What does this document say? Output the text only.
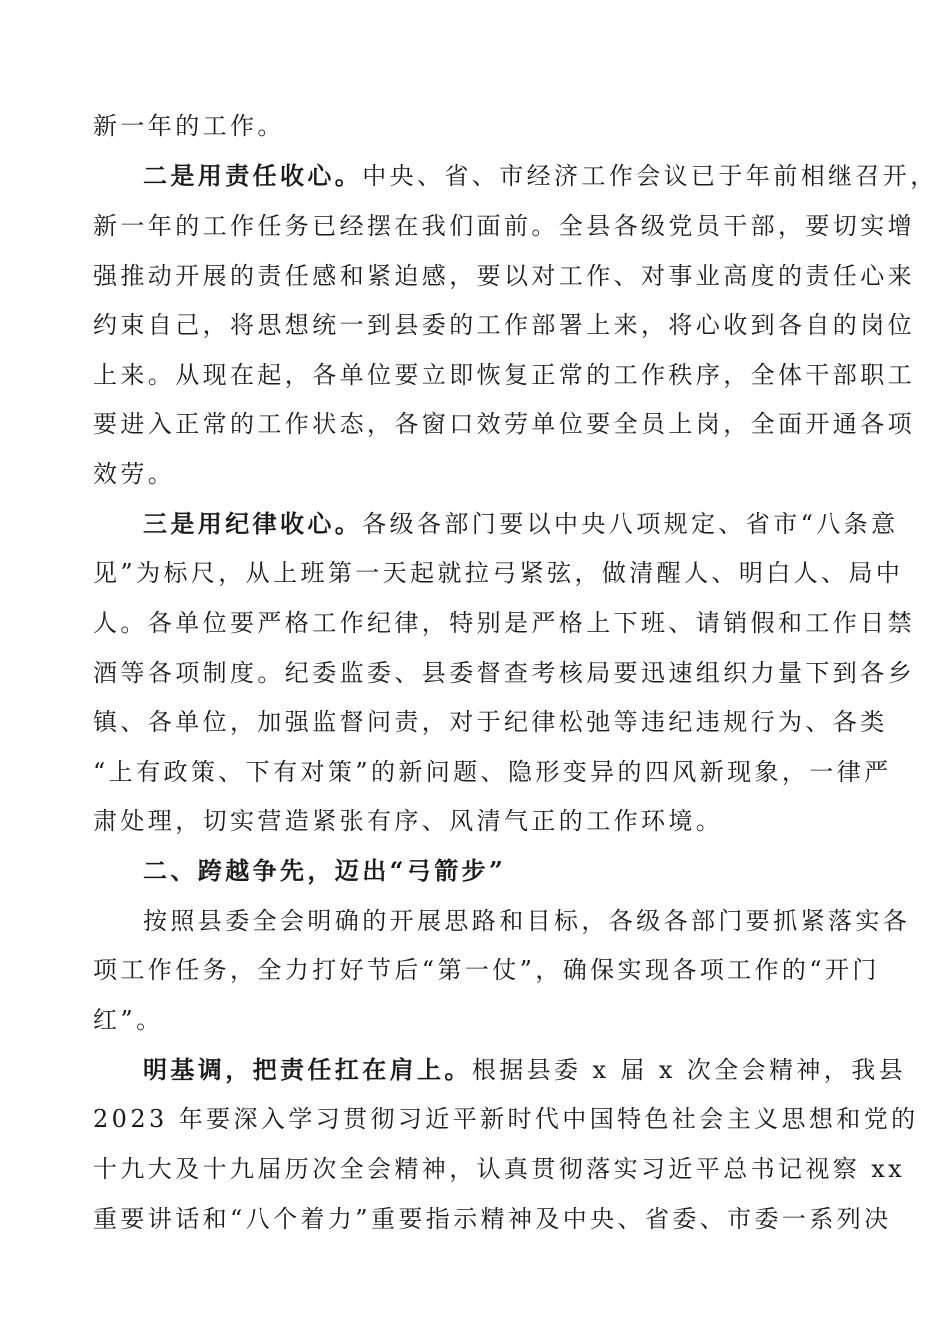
新一年的工作。
二是用责任收心。中央、省、市经济工作会议已于年前相继召开，
新一年的工作任务已经摆在我们面前。全县各级党员干部，要切实增
强推动开展的责任感和紧迫感，要以对工作、对事业高度的责任心来
约束自己，将思想统一到县委的工作部署上来，将心收到各自的岗位
上来。从现在起，各单位要立即恢复正常的工作秩序，全体干部职工
要进入正常的工作状态，各窗口效劳单位要全员上岗，全面开通各项
效劳。
三是用纪律收心。各级各部门要以中央八项规定、省市“八条意
见”为标尺，从上班第一天起就拉弓紧弦，做清醒人、明白人、局中
人。各单位要严格工作纪律，特别是严格上下班、请销假和工作日禁
酒等各项制度。纪委监委、县委督查考核局要迅速组织力量下到各乡
镇、各单位，加强监督问责，对于纪律松弛等违纪违规行为、各类
“上有政策、下有对策”的新问题、隐形变异的四风新现象，一律严
肃处理，切实营造紧张有序、风清气正的工作环境。
二、跨越争先，迈出“弓箭步”
按照县委全会明确的开展思路和目标，各级各部门要抓紧落实各
项工作任务，全力打好节后“第一仗”，确保实现各项工作的“开门
红”。
明基调，把责任扛在肩上。根据县委 x 届 x 次全会精神，我县
2023 年要深入学习贯彻习近平新时代中国特色社会主义思想和党的
十九大及十九届历次全会精神，认真贯彻落实习近平总书记视察 xx
重要讲话和“八个着力”重要指示精神及中央、省委、市委一系列决
